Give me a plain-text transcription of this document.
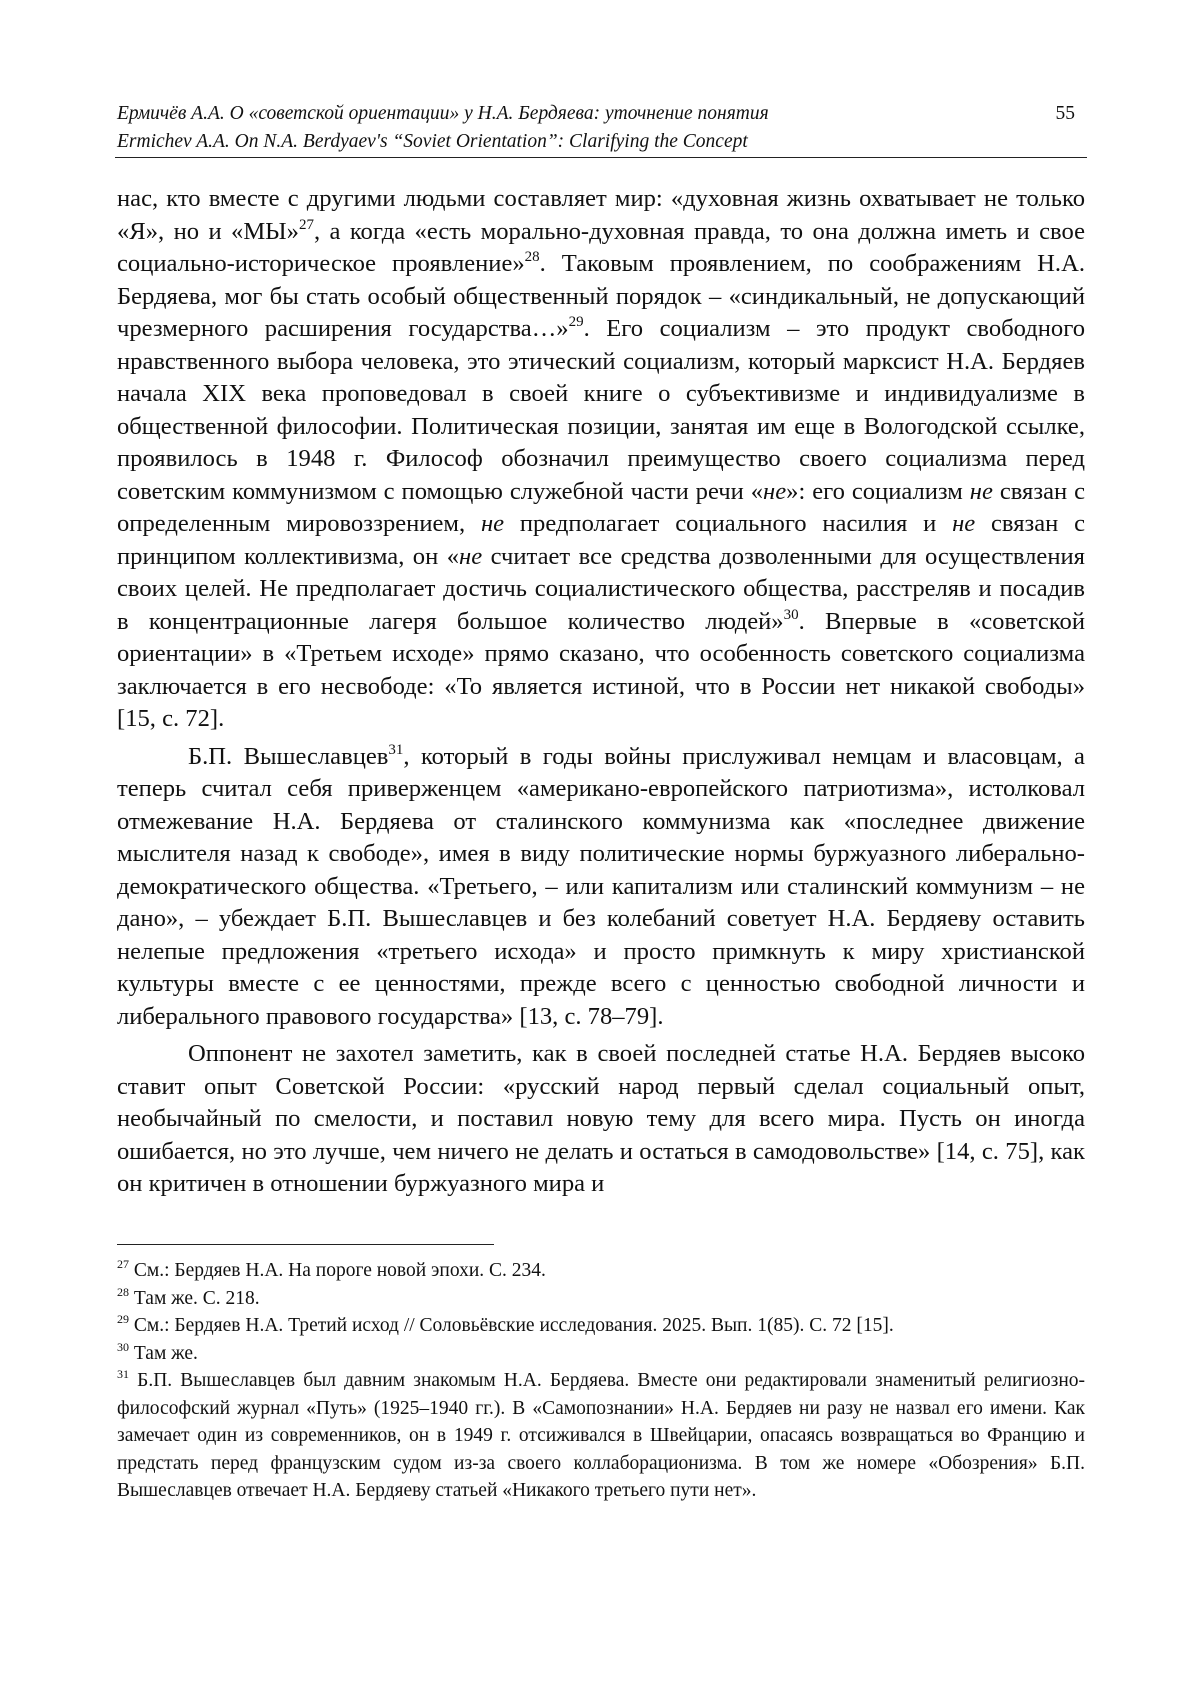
Ермичёв А.А. О «советской ориентации» у Н.А. Бердяева: уточнение понятия
Ermichev A.A. On N.A. Berdyaev's “Soviet Orientation”: Clarifying the Concept
55

нас, кто вместе с другими людьми составляет мир: «духовная жизнь охватывает не только «Я», но и «МЫ»$^{27}$, а когда «есть морально-духовная правда, то она должна иметь и свое социально-историческое проявление»$^{28}$. Таковым проявлением, по соображениям Н.А. Бердяева, мог бы стать особый общественный порядок – «синдикальный, не допускающий чрезмерного расширения государства…»$^{29}$. Его социализм – это продукт свободного нравственного выбора человека, это этический социализм, который марксист Н.А. Бердяев начала XIX века проповедовал в своей книге о субъективизме и индивидуализме в общественной философии. Политическая позиции, занятая им еще в Вологодской ссылке, проявилось в 1948 г. Философ обозначил преимущество своего социализма перед советским коммунизмом с помощью служебной части речи «не»: его социализм не связан с определенным мировоззрением, не предполагает социального насилия и не связан с принципом коллективизма, он «не считает все средства дозволенными для осуществления своих целей. Не предполагает достичь социалистического общества, расстреляв и посадив в концентрационные лагеря большое количество людей»$^{30}$. Впервые в «советской ориентации» в «Третьем исходе» прямо сказано, что особенность советского социализма заключается в его несвободе: «То является истиной, что в России нет никакой свободы» [15, с. 72].

Б.П. Вышеславцев$^{31}$, который в годы войны прислуживал немцам и власовцам, а теперь считал себя приверженцем «американо-европейского патриотизма», истолковал отмежевание Н.А. Бердяева от сталинского коммунизма как «последнее движение мыслителя назад к свободе», имея в виду политические нормы буржуазного либерально-демократического общества. «Третьего, – или капитализм или сталинский коммунизм – не дано», – убеждает Б.П. Вышеславцев и без колебаний советует Н.А. Бердяеву оставить нелепые предложения «третьего исхода» и просто примкнуть к миру христианской культуры вместе с ее ценностями, прежде всего с ценностью свободной личности и либерального правового государства» [13, с. 78–79].

Оппонент не захотел заметить, как в своей последней статье Н.А. Бердяев высоко ставит опыт Советской России: «русский народ первый сделал социальный опыт, необычайный по смелости, и поставил новую тему для всего мира. Пусть он иногда ошибается, но это лучше, чем ничего не делать и остаться в самодовольстве» [14, с. 75], как он критичен в отношении буржуазного мира и

$^{27}$ См.: Бердяев Н.А. На пороге новой эпохи. С. 234.

$^{28}$ Там же. С. 218.

$^{29}$ См.: Бердяев Н.А. Третий исход // Соловьёвские исследования. 2025. Вып. 1(85). С. 72 [15].

$^{30}$ Там же.

$^{31}$ Б.П. Вышеславцев был давним знакомым Н.А. Бердяева. Вместе они редактировали знаменитый религиозно-философский журнал «Путь» (1925–1940 гг.). В «Самопознании» Н.А. Бердяев ни разу не назвал его имени. Как замечает один из современников, он в 1949 г. отсиживался в Швейцарии, опасаясь возвращаться во Францию и предстать перед французским судом из-за своего коллаборационизма. В том же номере «Обозрения» Б.П. Вышеславцев отвечает Н.А. Бердяеву статьей «Никакого третьего пути нет».
